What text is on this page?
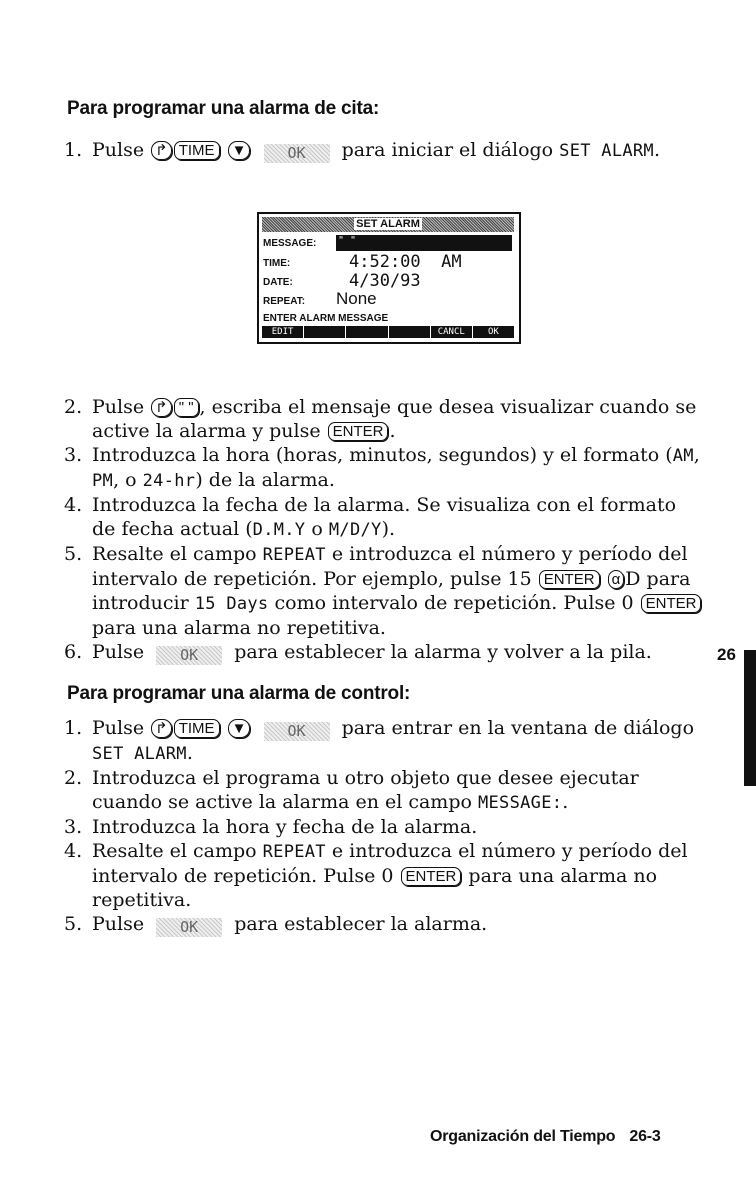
Para programar una alarma de cita:
1. Pulse ↱ TIME ▼	OK para iniciar el diálogo SET ALARM.
SET ALARM
MESSAGE: " "
TIME:	4:52:00  AM
DATE:	4/30/93
REPEAT: None
ENTER ALARM MESSAGE
EDIT	CANCL	OK
2. Pulse ↱ " " , escriba el mensaje que desea visualizar cuando se active la alarma y pulse ENTER .
3. Introduzca la hora (horas, minutos, segundos) y el formato (AM, PM, o 24-hr) de la alarma.
4. Introduzca la fecha de la alarma. Se visualiza con el formato de fecha actual (D.M.Y o M/D/Y).
5. Resalte el campo REPEAT e introduzca el número y período del intervalo de repetición. Por ejemplo, pulse 15 ENTER α D para introducir 15 Days como intervalo de repetición. Pulse 0 ENTER para una alarma no repetitiva.
6. Pulse OK para establecer la alarma y volver a la pila.
Para programar una alarma de control:
1. Pulse ↱ TIME ▼	OK para entrar en la ventana de diálogo SET ALARM.
2. Introduzca el programa u otro objeto que desee ejecutar cuando se active la alarma en el campo MESSAGE:.
3. Introduzca la hora y fecha de la alarma.
4. Resalte el campo REPEAT e introduzca el número y período del intervalo de repetición. Pulse 0 ENTER para una alarma no repetitiva.
5. Pulse OK para establecer la alarma.
26
Organización del Tiempo 26-3
